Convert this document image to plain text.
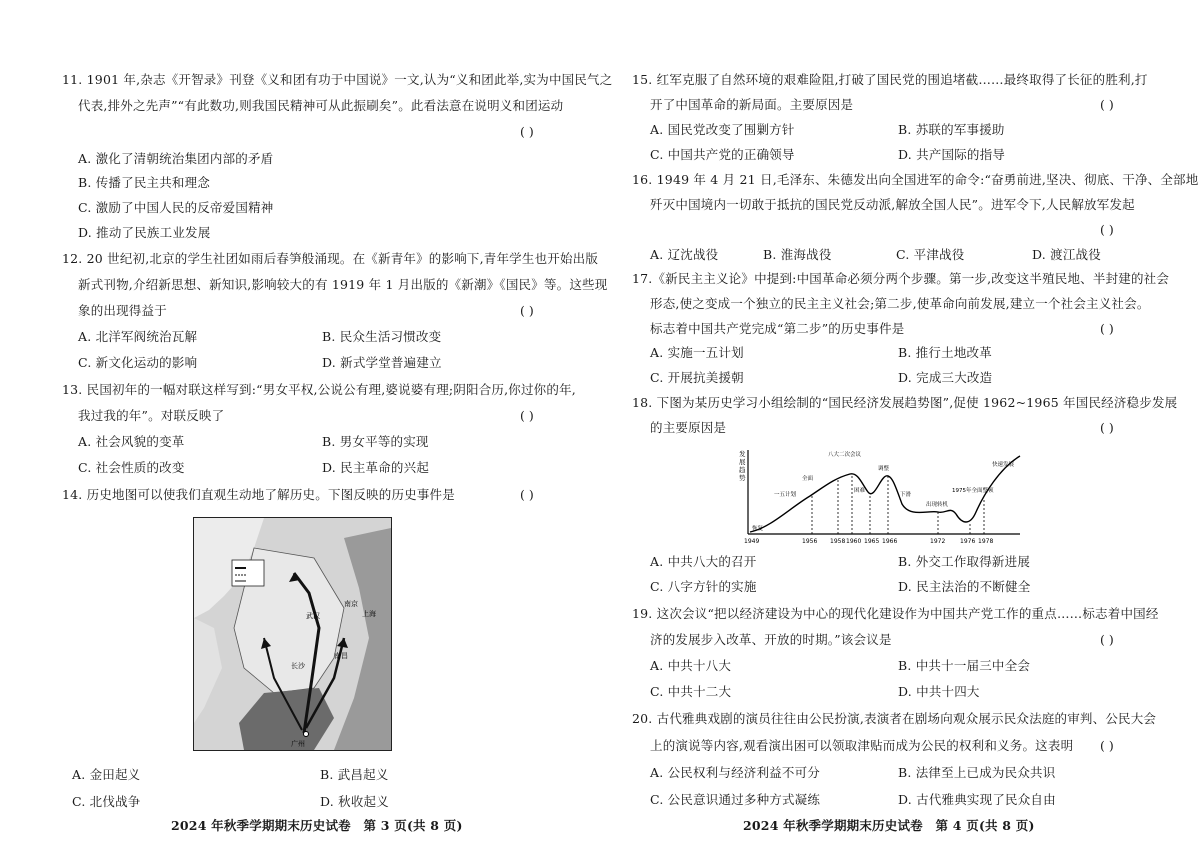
11. 1901 年,杂志《开智录》刊登《义和团有功于中国说》一文,认为“义和团此举,实为中国民气之
代表,排外之先声”“有此数功,则我国民精神可从此振刷矣”。此看法意在说明义和团运动
( )
A. 激化了清朝统治集团内部的矛盾
B. 传播了民主共和理念
C. 激励了中国人民的反帝爱国精神
D. 推动了民族工业发展
12. 20 世纪初,北京的学生社团如雨后春笋般涌现。在《新青年》的影响下,青年学生也开始出版
新式刊物,介绍新思想、新知识,影响较大的有 1919 年 1 月出版的《新潮》《国民》等。这些现
象的出现得益于	( )
A. 北洋军阀统治瓦解	B. 民众生活习惯改变
C. 新文化运动的影响	D. 新式学堂普遍建立
13. 民国初年的一幅对联这样写到:“男女平权,公说公有理,婆说婆有理;阴阳合历,你过你的年,
我过我的年”。对联反映了	( )
A. 社会风貌的变革	B. 男女平等的实现
C. 社会性质的改变	D. 民主革命的兴起
14. 历史地图可以使我们直观生动地了解历史。下图反映的历史事件是	( )
A. 金田起义	B. 武昌起义
C. 北伐战争	D. 秋收起义
2024 年秋季学期期末历史试卷　第 3 页(共 8 页)
广州
长沙
武汉
南昌
南京
上海
15. 红军克服了自然环境的艰难险阻,打破了国民党的围追堵截……最终取得了长征的胜利,打
开了中国革命的新局面。主要原因是	( )
A. 国民党改变了围剿方针	B. 苏联的军事援助
C. 中国共产党的正确领导	D. 共产国际的指导
16. 1949 年 4 月 21 日,毛泽东、朱德发出向全国进军的命令:“奋勇前进,坚决、彻底、干净、全部地
歼灭中国境内一切敢于抵抗的国民党反动派,解放全国人民”。进军令下,人民解放军发起
( )
A. 辽沈战役	B. 淮海战役	C. 平津战役	D. 渡江战役
17.《新民主主义论》中提到:中国革命必须分两个步骤。第一步,改变这半殖民地、半封建的社会
形态,使之变成一个独立的民主主义社会;第二步,使革命向前发展,建立一个社会主义社会。
标志着中国共产党完成“第二步”的历史事件是	( )
A. 实施一五计划	B. 推行土地改革
C. 开展抗美援朝	D. 完成三大改造
18. 下图为某历史学习小组绘制的“国民经济发展趋势图”,促使 1962~1965 年国民经济稳步发展
的主要原因是	( )
A. 中共八大的召开	B. 外交工作取得新进展
C. 八字方针的实施	D. 民主法治的不断健全
19. 这次会议“把以经济建设为中心的现代化建设作为中国共产党工作的重点……标志着中国经
济的发展步入改革、开放的时期。”该会议是	( )
A. 中共十八大	B. 中共十一届三中全会
C. 中共十二大	D. 中共十四大
20. 古代雅典戏剧的演员往往由公民扮演,表演者在剧场向观众展示民众法庭的审判、公民大会
上的演说等内容,观看演出困可以领取津贴而成为公民的权利和义务。这表明 ( )
A. 公民权利与经济利益不可分	B. 法律至上已成为民众共识
C. 公民意识通过多种方式凝练	D. 古代雅典实现了民众自由
2024 年秋季学期期末历史试卷　第 4 页(共 8 页)
发展趋势
1949	1956 1958 1960 1965 1966	1972 1976 1978
恢复
一五计划
全面
八大二次会议
困难
调整
下滑
出现转机
1975年全面整顿
快速发展
